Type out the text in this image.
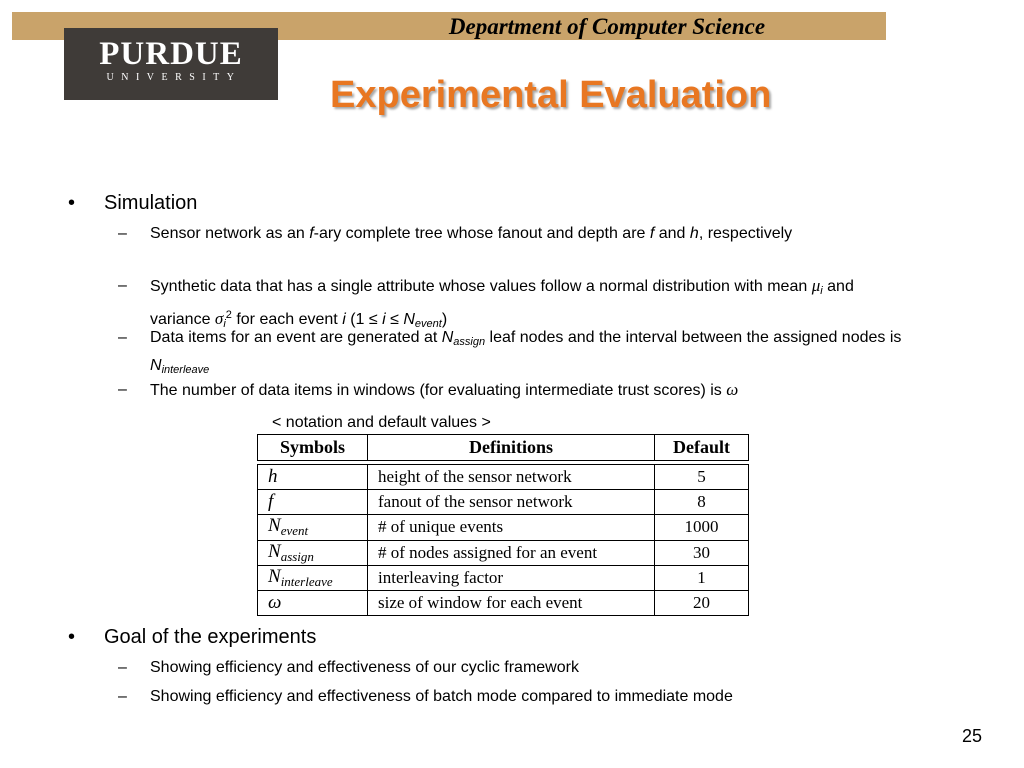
Department of Computer Science
PURDUE
UNIVERSITY	Experimental Evaluation
• Simulation
–	Sensor network as an f-ary complete tree whose fanout and depth are f and h, respectively
–	Synthetic data that has a single attribute whose values follow a normal distribution with mean $\mu_i$ and variance $\sigma_i^2$ for each event i $(1 \le i \le N_{event})$
–	Data items for an event are generated at $N_{assign}$ leaf nodes and the interval between the assigned nodes is $N_{interleave}$
–	The number of data items in windows (for evaluating intermediate trust scores) is ω
< notation and default values >
Symbols	Definitions	Default

h	height of the sensor network	5
f	fanout of the sensor network	8
$N_{event}$	# of unique events	1000
$N_{assign}$	# of nodes assigned for an event	30
$N_{interleave}$	interleaving factor	1
ω	size of window for each event	20
• Goal of the experiments
–	Showing efficiency and effectiveness of our cyclic framework
–	Showing efficiency and effectiveness of batch mode compared to immediate mode
25
